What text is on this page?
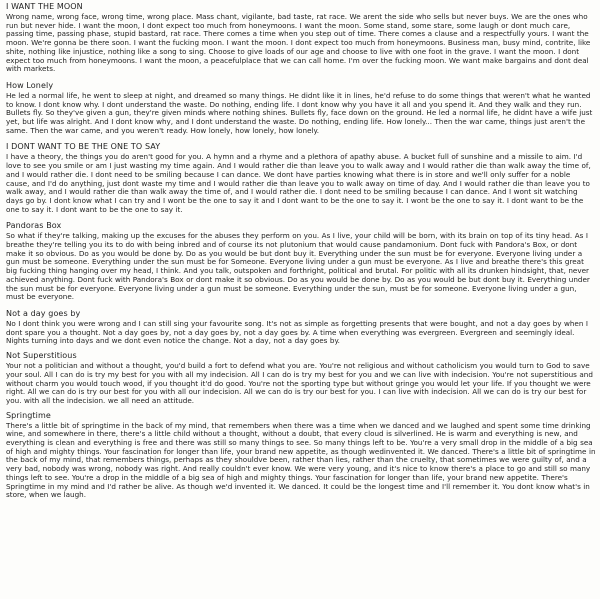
I WANT THE MOON

Wrong name, wrong face, wrong time, wrong place. Mass chant, vigilante, bad taste, rat race. We arent the side who sells but never buys. We are the ones who run but never hide. I want the moon, I dont expect too much from honeymoons. I want the moon. Some stand, some stare, some laugh or dont much care, passing time, passing phase, stupid bastard, rat race. There comes a time when you step out of time. There comes a clause and a respectfully yours. I want the moon. We're gonna be there soon. I want the fucking moon. I want the moon. I dont expect too much from honeymoons. Business man, busy mind, contrite, like shite, nothing like injustice, nothing like a song to sing. Choose to give loads of our age and choose to live with one foot in the grave. I want the moon. I dont expect too much from honeymoons. I want the moon, a peacefulplace that we can call home. I'm over the fucking moon. We want make bargains and dont deal with markets.

How Lonely

He led a normal life, he went to sleep at night, and dreamed so many things. He didnt like it in lines, he'd refuse to do some things that weren't what he wanted to know. I dont know why. I dont understand the waste. Do nothing, ending life. I dont know why you have it all and you spend it. And they walk and they run. Bullets fly. So they've given a gun, they're given minds where nothing shines. Bullets fly, face down on the ground. He led a normal life, he didnt have a wife just yet, but life was alright. And I dont know why, and I dont understand the waste. Do nothing, ending life. How lonely... Then the war came, things just aren't the same. Then the war came, and you weren't ready. How lonely, how lonely, how lonely.

I DONT WANT TO BE THE ONE TO SAY

I have a theory, the things you do aren't good for you. A hymn and a rhyme and a plethora of apathy abuse. A bucket full of sunshine and a missile to aim. I'd love to see you smile or am I just wasting my time again. And I would rather die than leave you to walk away and I would rather die than walk away the time of, and I would rather die. I dont need to be smiling because I can dance. We dont have parties knowing what there is in store and we'll only suffer for a noble cause, and I'd do anything, just dont waste my time and I would rather die than leave you to walk away on time of day. And I would rather die than leave you to walk away, and I would rather die than walk away the time of, and I would rather die. I dont need to be smiling because I can dance. And I wont sit watching days go by. I dont know what I can try and I wont be the one to say it and I dont want to be the one to say it. I wont be the one to say it. I dont want to be the one to say it. I dont want to be the one to say it.

Pandoras Box

So what if they're talking, making up the excuses for the abuses they perform on you. As I live, your child will be born, with its brain on top of its tiny head. As I breathe they're telling you its to do with being inbred and of course its not plutonium that would cause pandamonium. Dont fuck with Pandora's Box, or dont make it so obvious. Do as you would be done by. Do as you would be but dont buy it. Everything under the sun must be for everyone. Everyone living under a gun must be someone. Everything under the sun must be for Someone. Everyone living under a gun must be everyone. As I live and breathe there's this great big fucking thing hanging over my head, I think. And you talk, outspoken and forthright, political and brutal. For politic with all its drunken hindsight, that, never achieved anything. Dont fuck with Pandora's Box or dont make it so obvious. Do as you would be done by. Do as you would be but dont buy it. Everything under the sun must be for everyone. Everyone living under a gun must be someone. Everything under the sun, must be for someone. Everyone living under a gun, must be everyone.

Not a day goes by

No I dont think you were wrong and I can still sing your favourite song. It's not as simple as forgetting presents that were bought, and not a day goes by when I dont spare you a thought. Not a day goes by, not a day goes by, not a day goes by. A time when everything was evergreen. Evergreen and seemingly ideal. Nights turning into days and we dont even notice the change. Not a day, not a day goes by.

Not Superstitious

Your not a politician and without a thought, you'd build a fort to defend what you are. You're not religious and without catholicism you would turn to God to save your soul. All I can do is try my best for you with all my indecision. All I can do is try my best for you and we can live with indecision. You're not superstitious and without charm you would touch wood, if you thought it'd do good. You're not the sporting type but without gringe you would let your life. If you thought we were right. All we can do is try our best for you with all our indecision. All we can do is try our best for you. I can live with indecision. All we can do is try our best for you. with all the indecision. we all need an attitude.

Springtime

There's a little bit of springtime in the back of my mind, that remembers when there was a time when we danced and we laughed and spent some time drinking wine, and somewhere in there, there's a little child without a thought, without a doubt, that every cloud is silverlined. He is warm and everything is new, and everything is clean and everything is free and there was still so many things to see. So many things left to be. You're a very small drop in the middle of a big sea of high and mighty things. Your fascination for longer than life, your brand new appetite, as though wedinvented it. We danced. There's a little bit of springtime in the back of my mind, that remembers things, perhaps as they shouldve been, rather than lies, rather than the cruelty, that sometimes we were guilty of, and a very bad, nobody was wrong, nobody was right. And really couldn't ever know. We were very young, and it's nice to know there's a place to go and still so many things left to see. You're a drop in the middle of a big sea of high and mighty things. Your fascination for longer than life, your brand new appetite. There's Springtime in my mind and I'd rather be alive. As though we'd invented it. We danced. It could be the longest time and I'll remember it. You dont know what's in store, when we laugh.
